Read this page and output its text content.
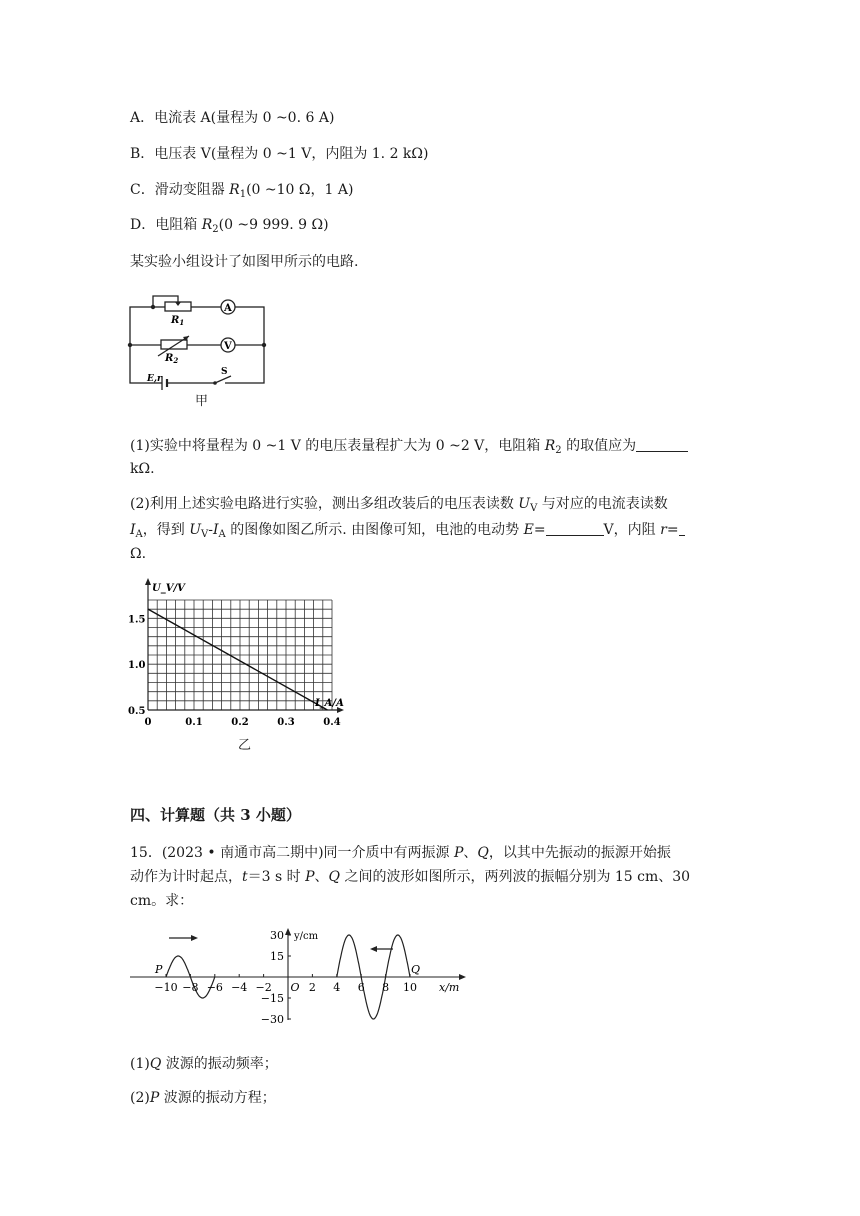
A．电流表 A(量程为 0 ~0. 6 A)
B．电压表 V(量程为 0 ~1 V，内阻为 1. 2 kΩ)
C．滑动变阻器 $R_1(0$ ~10 Ω，1 A)
D．电阻箱 $R_2(0$ ~9 999. 9 Ω)
某实验小组设计了如图甲所示的电路.
A
V
$R_1$
$R_2$
E,r
S
甲
(1)实验中将量程为 0 ~1 V 的电压表量程扩大为 0 ~2 V，电阻箱 $R_2$ 的取值应为
kΩ.
(2)利用上述实验电路进行实验，测出多组改装后的电压表读数 $U_V$ 与对应的电流表读数
$I_A$，得到 $U_V-I_A$ 的图像如图乙所示. 由图像可知，电池的电动势 E=	V，内阻 r=
Ω.
0	0.1	0.2	0.3	0.4
0.5
1.0
1.5
U_V/V
I_A/A
乙
四、计算题（共 3 小题）
15．(2023 • 南通市高二期中)同一介质中有两振源 P、Q，以其中先振动的振源开始振
动作为计时起点，t＝3 s 时 P、Q 之间的波形如图所示，两列波的振幅分别为 15 cm、30
cm。求：
−10 −8 −6 −4 −2 O 2 4 6 8 10
30
15
−15
−30
y/cm
x/m
P	Q
(1)Q 波源的振动频率；
(2)P 波源的振动方程；
